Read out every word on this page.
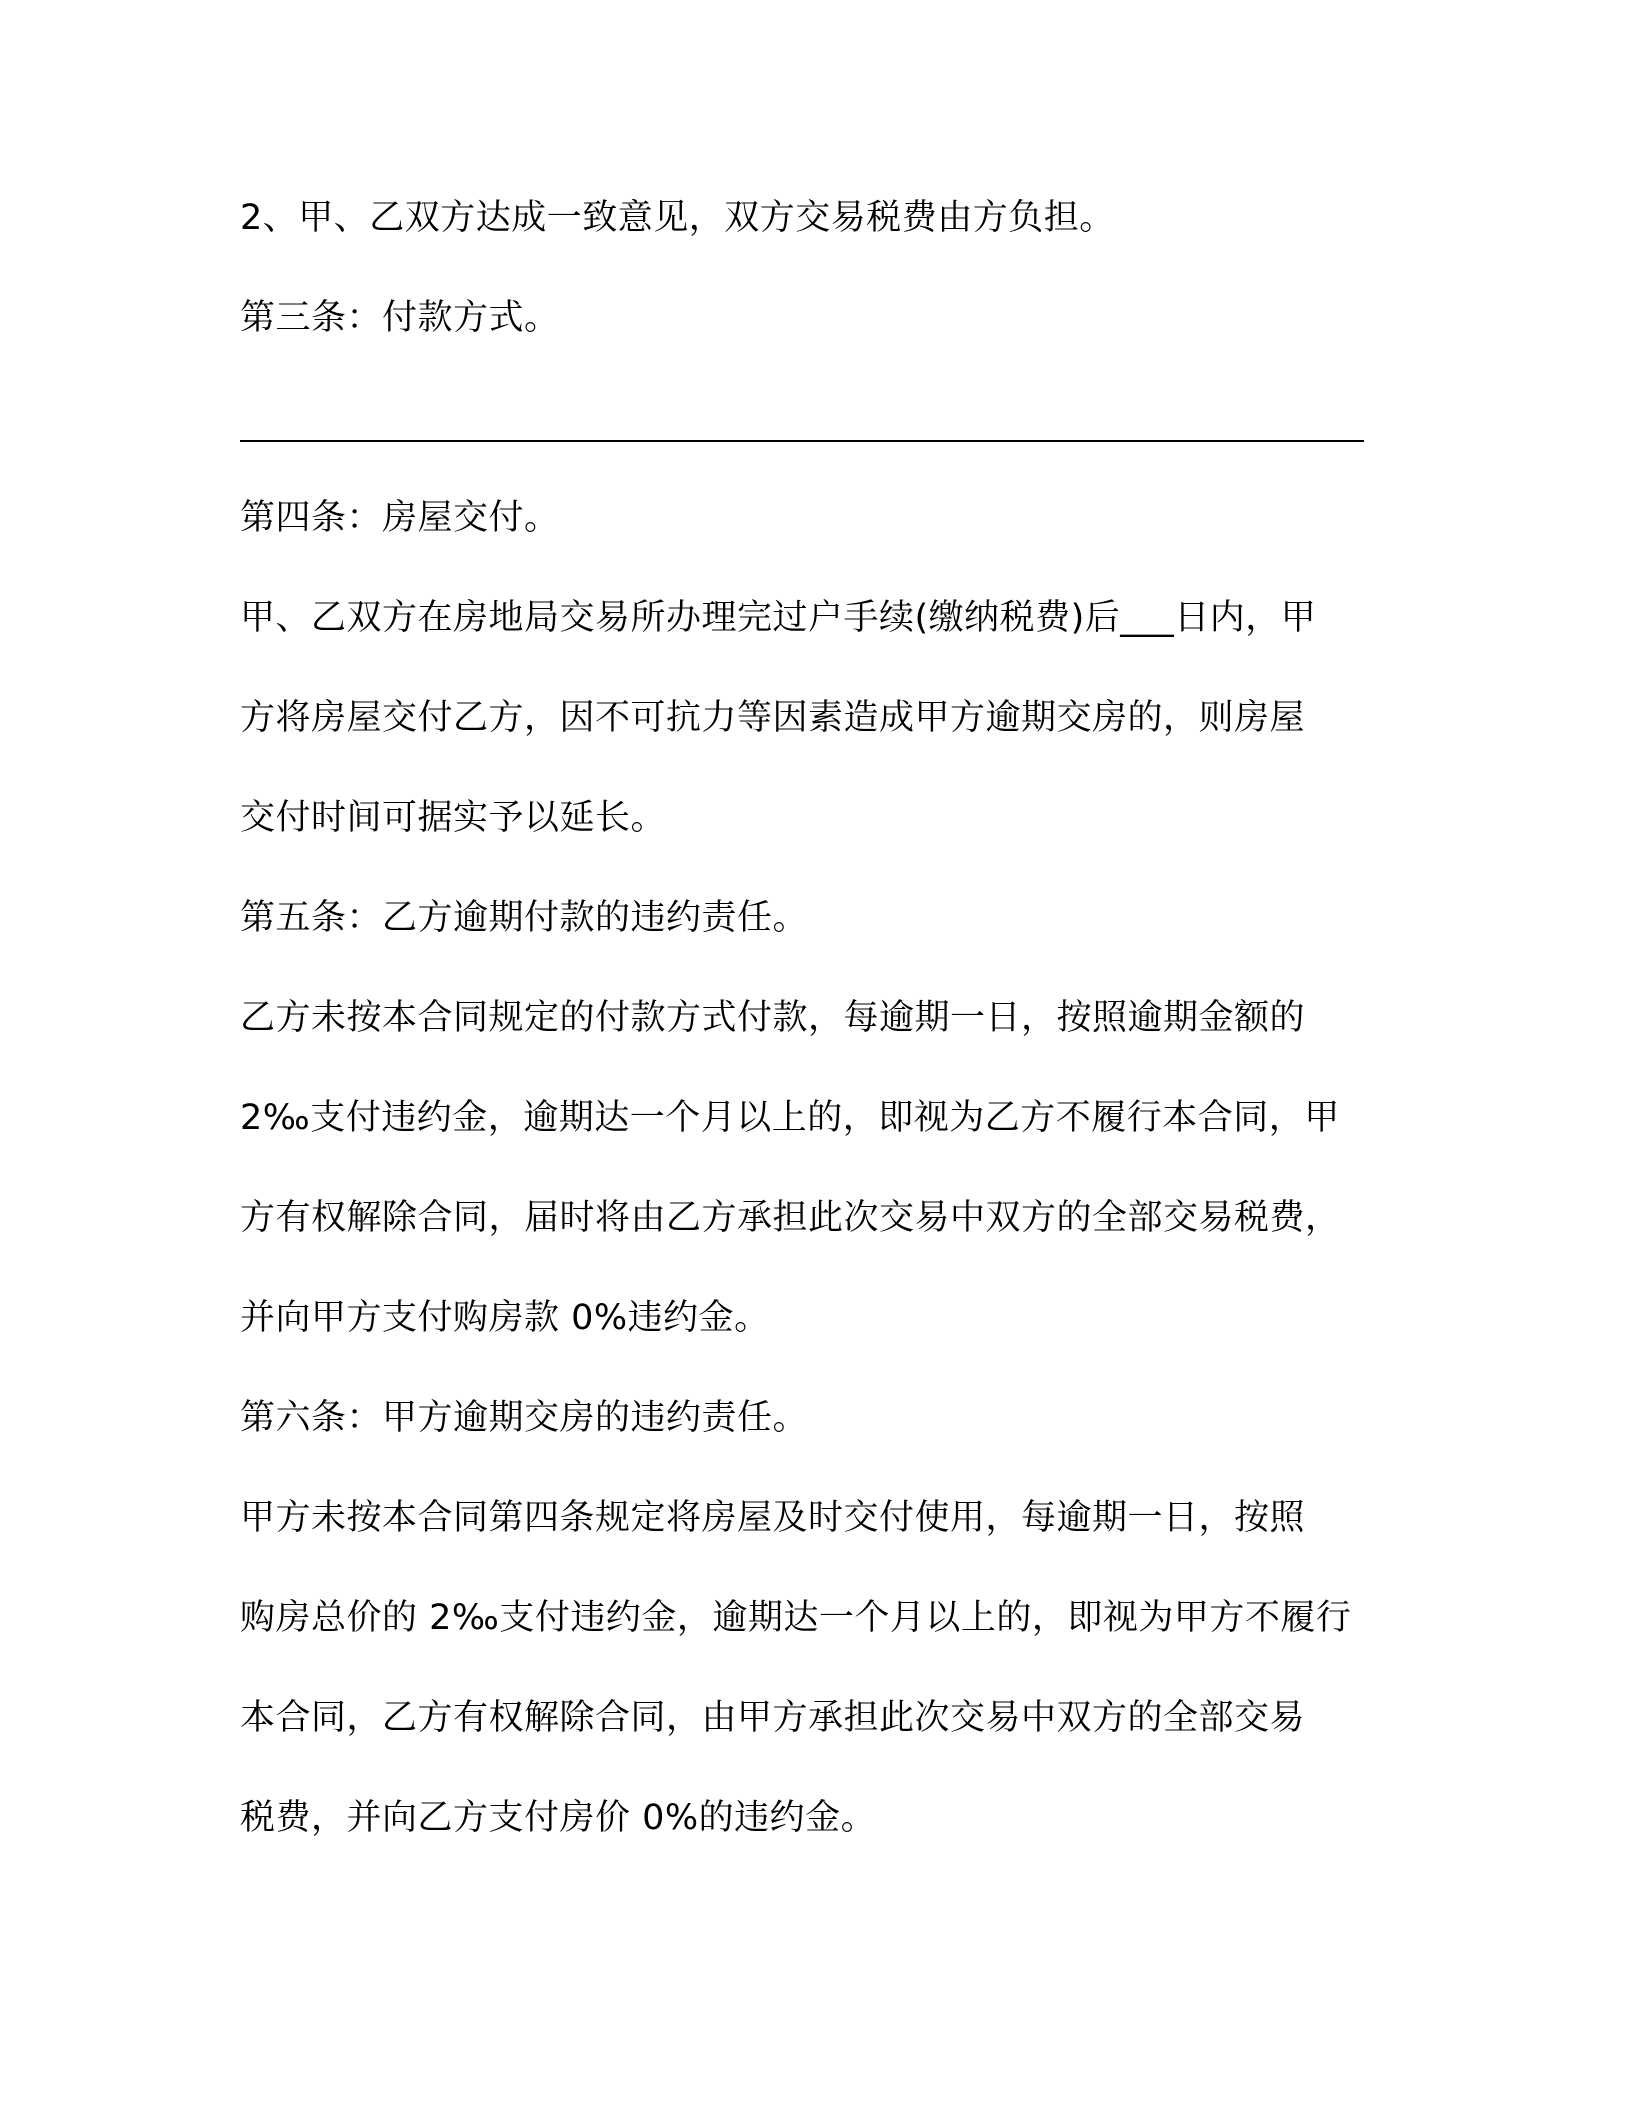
2、甲、乙双方达成一致意见，双方交易税费由方负担。
第三条：付款方式。
第四条：房屋交付。
甲、乙双方在房地局交易所办理完过户手续(缴纳税费)后___日内，甲
方将房屋交付乙方，因不可抗力等因素造成甲方逾期交房的，则房屋
交付时间可据实予以延长。
第五条：乙方逾期付款的违约责任。
乙方未按本合同规定的付款方式付款，每逾期一日，按照逾期金额的
2‰支付违约金，逾期达一个月以上的，即视为乙方不履行本合同，甲
方有权解除合同，届时将由乙方承担此次交易中双方的全部交易税费，
并向甲方支付购房款 0%违约金。
第六条：甲方逾期交房的违约责任。
甲方未按本合同第四条规定将房屋及时交付使用，每逾期一日，按照
购房总价的 2‰支付违约金，逾期达一个月以上的，即视为甲方不履行
本合同，乙方有权解除合同，由甲方承担此次交易中双方的全部交易
税费，并向乙方支付房价 0%的违约金。
